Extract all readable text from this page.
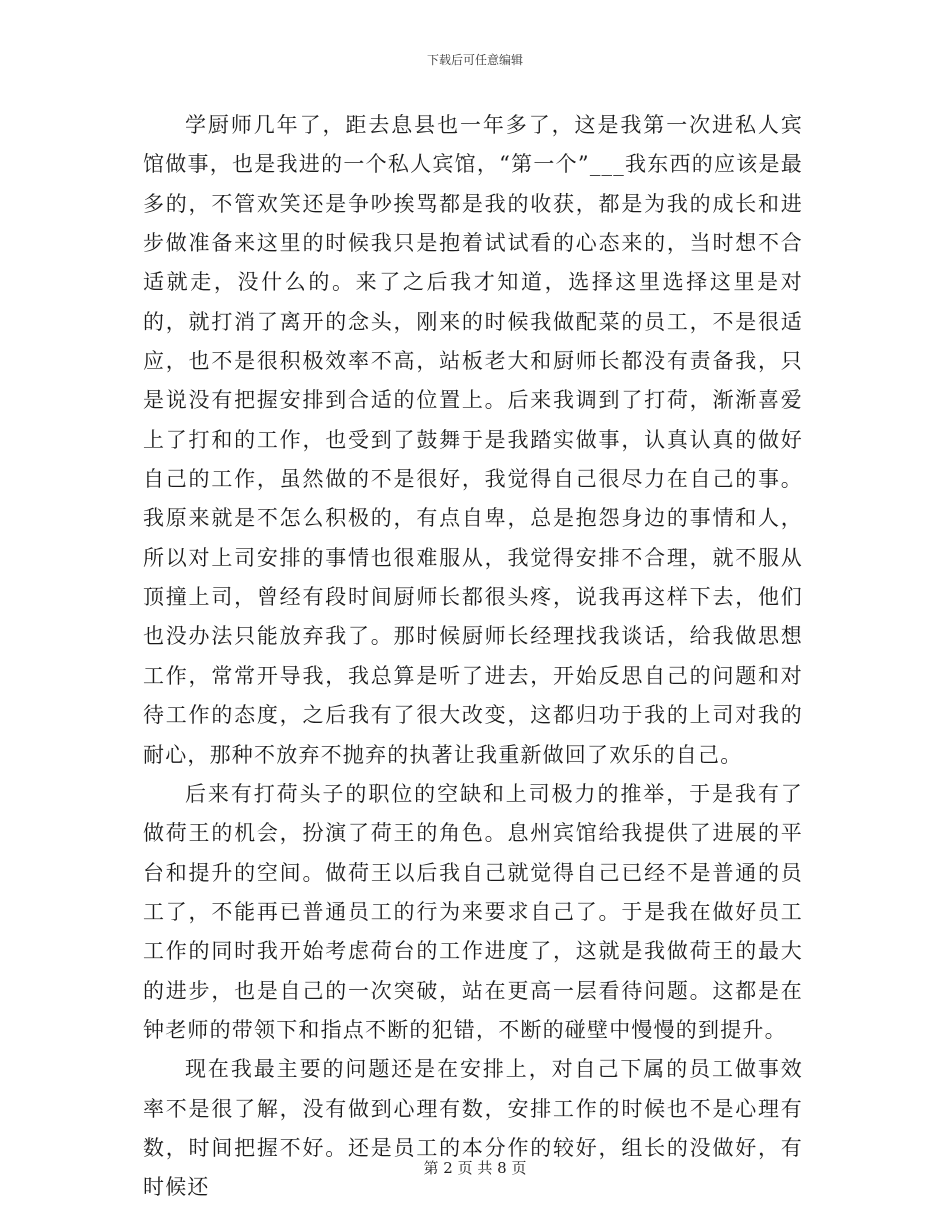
下载后可任意编辑

学厨师几年了，距去息县也一年多了，这是我第一次进私人宾馆做事，也是我进的一个私人宾馆，“第一个”___我东西的应该是最多的，不管欢笑还是争吵挨骂都是我的收获，都是为我的成长和进步做准备来这里的时候我只是抱着试试看的心态来的，当时想不合适就走，没什么的。来了之后我才知道，选择这里选择这里是对的，就打消了离开的念头，刚来的时候我做配菜的员工，不是很适应，也不是很积极效率不高，站板老大和厨师长都没有责备我，只是说没有把握安排到合适的位置上。后来我调到了打荷，渐渐喜爱上了打和的工作，也受到了鼓舞于是我踏实做事，认真认真的做好自己的工作，虽然做的不是很好，我觉得自己很尽力在自己的事。我原来就是不怎么积极的，有点自卑，总是抱怨身边的事情和人，所以对上司安排的事情也很难服从，我觉得安排不合理，就不服从顶撞上司，曾经有段时间厨师长都很头疼，说我再这样下去，他们也没办法只能放弃我了。那时候厨师长经理找我谈话，给我做思想工作，常常开导我，我总算是听了进去，开始反思自己的问题和对待工作的态度，之后我有了很大改变，这都归功于我的上司对我的耐心，那种不放弃不抛弃的执著让我重新做回了欢乐的自己。

后来有打荷头子的职位的空缺和上司极力的推举，于是我有了做荷王的机会，扮演了荷王的角色。息州宾馆给我提供了进展的平台和提升的空间。做荷王以后我自己就觉得自己已经不是普通的员工了，不能再已普通员工的行为来要求自己了。于是我在做好员工工作的同时我开始考虑荷台的工作进度了，这就是我做荷王的最大的进步，也是自己的一次突破，站在更高一层看待问题。这都是在钟老师的带领下和指点不断的犯错，不断的碰壁中慢慢的到提升。

现在我最主要的问题还是在安排上，对自己下属的员工做事效率不是很了解，没有做到心理有数，安排工作的时候也不是心理有数，时间把握不好。还是员工的本分作的较好，组长的没做好，有时候还

第 2 页 共 8 页
